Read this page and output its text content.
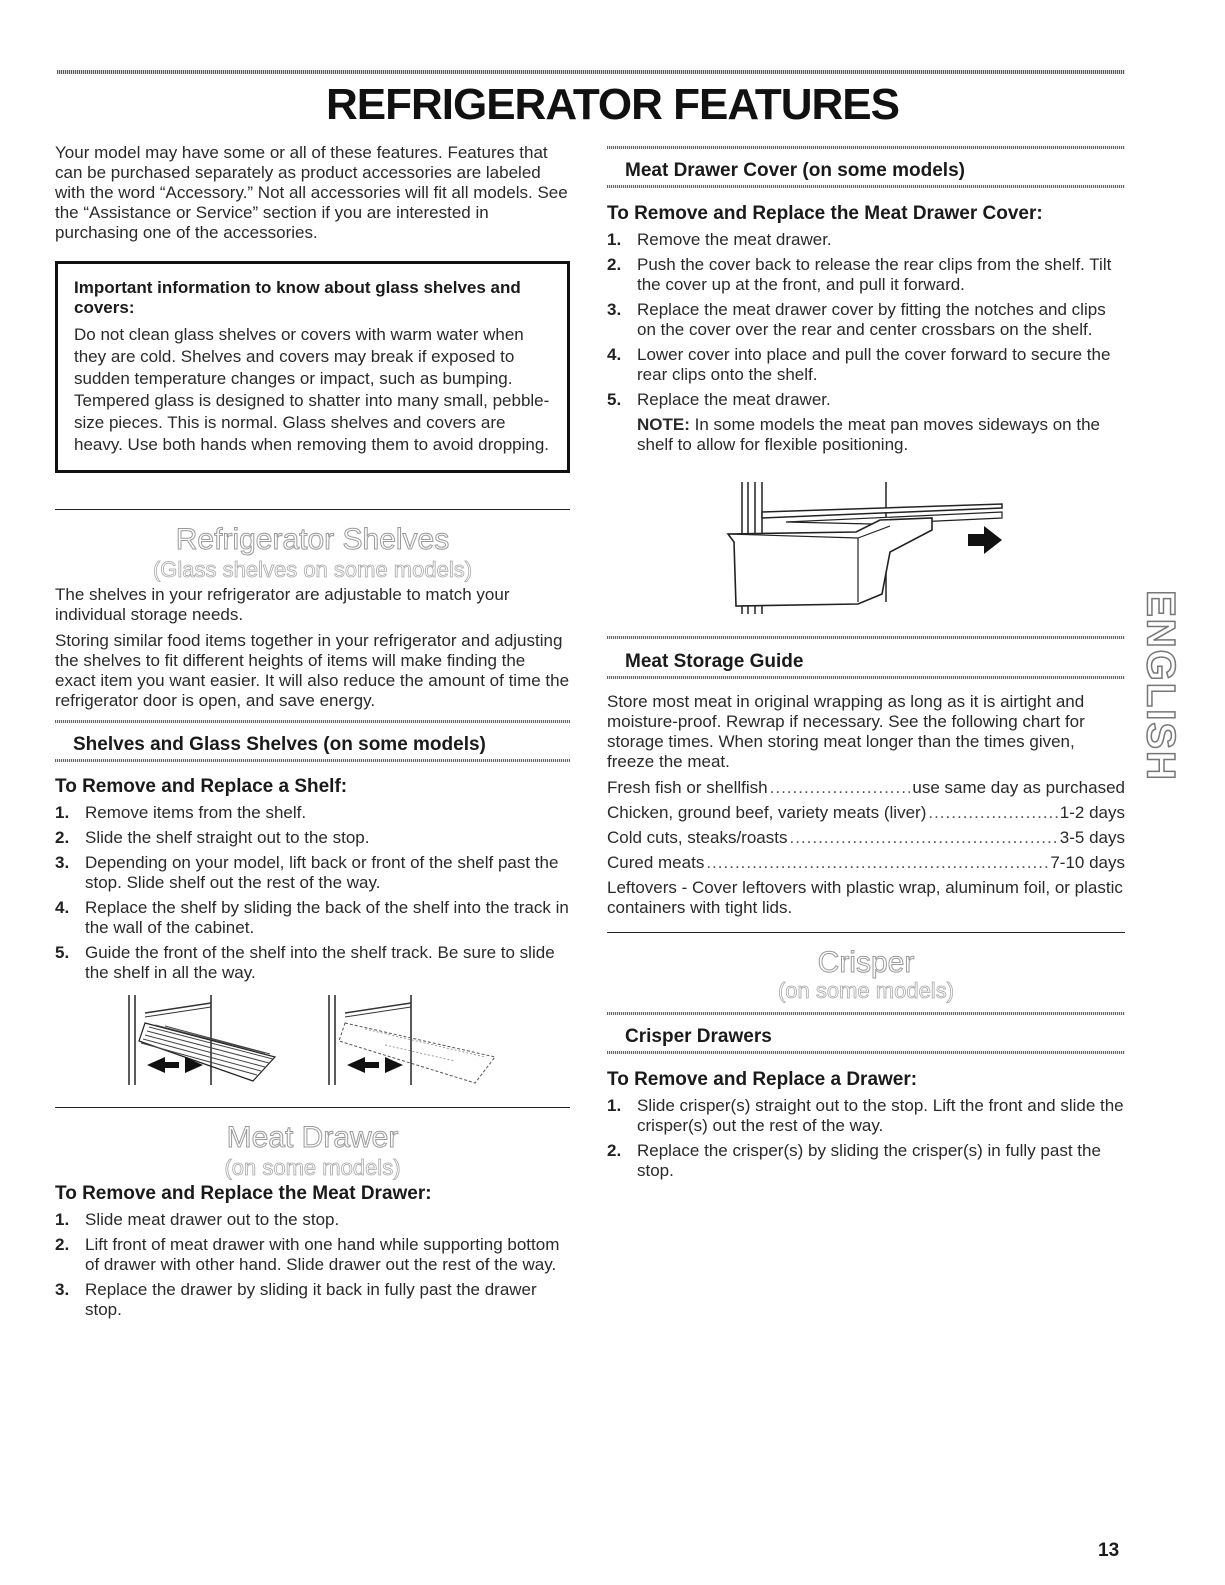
REFRIGERATOR FEATURES

Your model may have some or all of these features. Features that can be purchased separately as product accessories are labeled with the word “Accessory.” Not all accessories will fit all models. See the “Assistance or Service” section if you are interested in purchasing one of the accessories.

Important information to know about glass shelves and covers:
Do not clean glass shelves or covers with warm water when they are cold. Shelves and covers may break if exposed to sudden temperature changes or impact, such as bumping. Tempered glass is designed to shatter into many small, pebble-size pieces. This is normal. Glass shelves and covers are heavy. Use both hands when removing them to avoid dropping.
Refrigerator Shelves
(Glass shelves on some models)

The shelves in your refrigerator are adjustable to match your individual storage needs.

Storing similar food items together in your refrigerator and adjusting the shelves to fit different heights of items will make finding the exact item you want easier. It will also reduce the amount of time the refrigerator door is open, and save energy.

Shelves and Glass Shelves (on some models)
To Remove and Replace a Shelf:
1. Remove items from the shelf.
2. Slide the shelf straight out to the stop.
3. Depending on your model, lift back or front of the shelf past the stop. Slide shelf out the rest of the way.
4. Replace the shelf by sliding the back of the shelf into the track in the wall of the cabinet.
5. Guide the front of the shelf into the shelf track. Be sure to slide the shelf in all the way.
Meat Drawer
(on some models)
To Remove and Replace the Meat Drawer:
1. Slide meat drawer out to the stop.
2. Lift front of meat drawer with one hand while supporting bottom of drawer with other hand. Slide drawer out the rest of the way.
3. Replace the drawer by sliding it back in fully past the drawer stop.
Meat Drawer Cover (on some models)
To Remove and Replace the Meat Drawer Cover:
1. Remove the meat drawer.
2. Push the cover back to release the rear clips from the shelf. Tilt the cover up at the front, and pull it forward.
3. Replace the meat drawer cover by fitting the notches and clips on the cover over the rear and center crossbars on the shelf.
4. Lower cover into place and pull the cover forward to secure the rear clips onto the shelf.
5. Replace the meat drawer.
NOTE: In some models the meat pan moves sideways on the shelf to allow for flexible positioning.
Meat Storage Guide

Store most meat in original wrapping as long as it is airtight and moisture-proof. Rewrap if necessary. See the following chart for storage times. When storing meat longer than the times given, freeze the meat.

Fresh fish or shellfish .....	use same day as purchased
Chicken, ground beef, variety meats (liver) .....	1-2 days
Cold cuts, steaks/roasts .....	3-5 days
Cured meats .....	7-10 days

Leftovers - Cover leftovers with plastic wrap, aluminum foil, or plastic containers with tight lids.

Crisper
(on some models)
Crisper Drawers
To Remove and Replace a Drawer:
1. Slide crisper(s) straight out to the stop. Lift the front and slide the crisper(s) out the rest of the way.
2. Replace the crisper(s) by sliding the crisper(s) in fully past the stop.
ENGLISH
13
